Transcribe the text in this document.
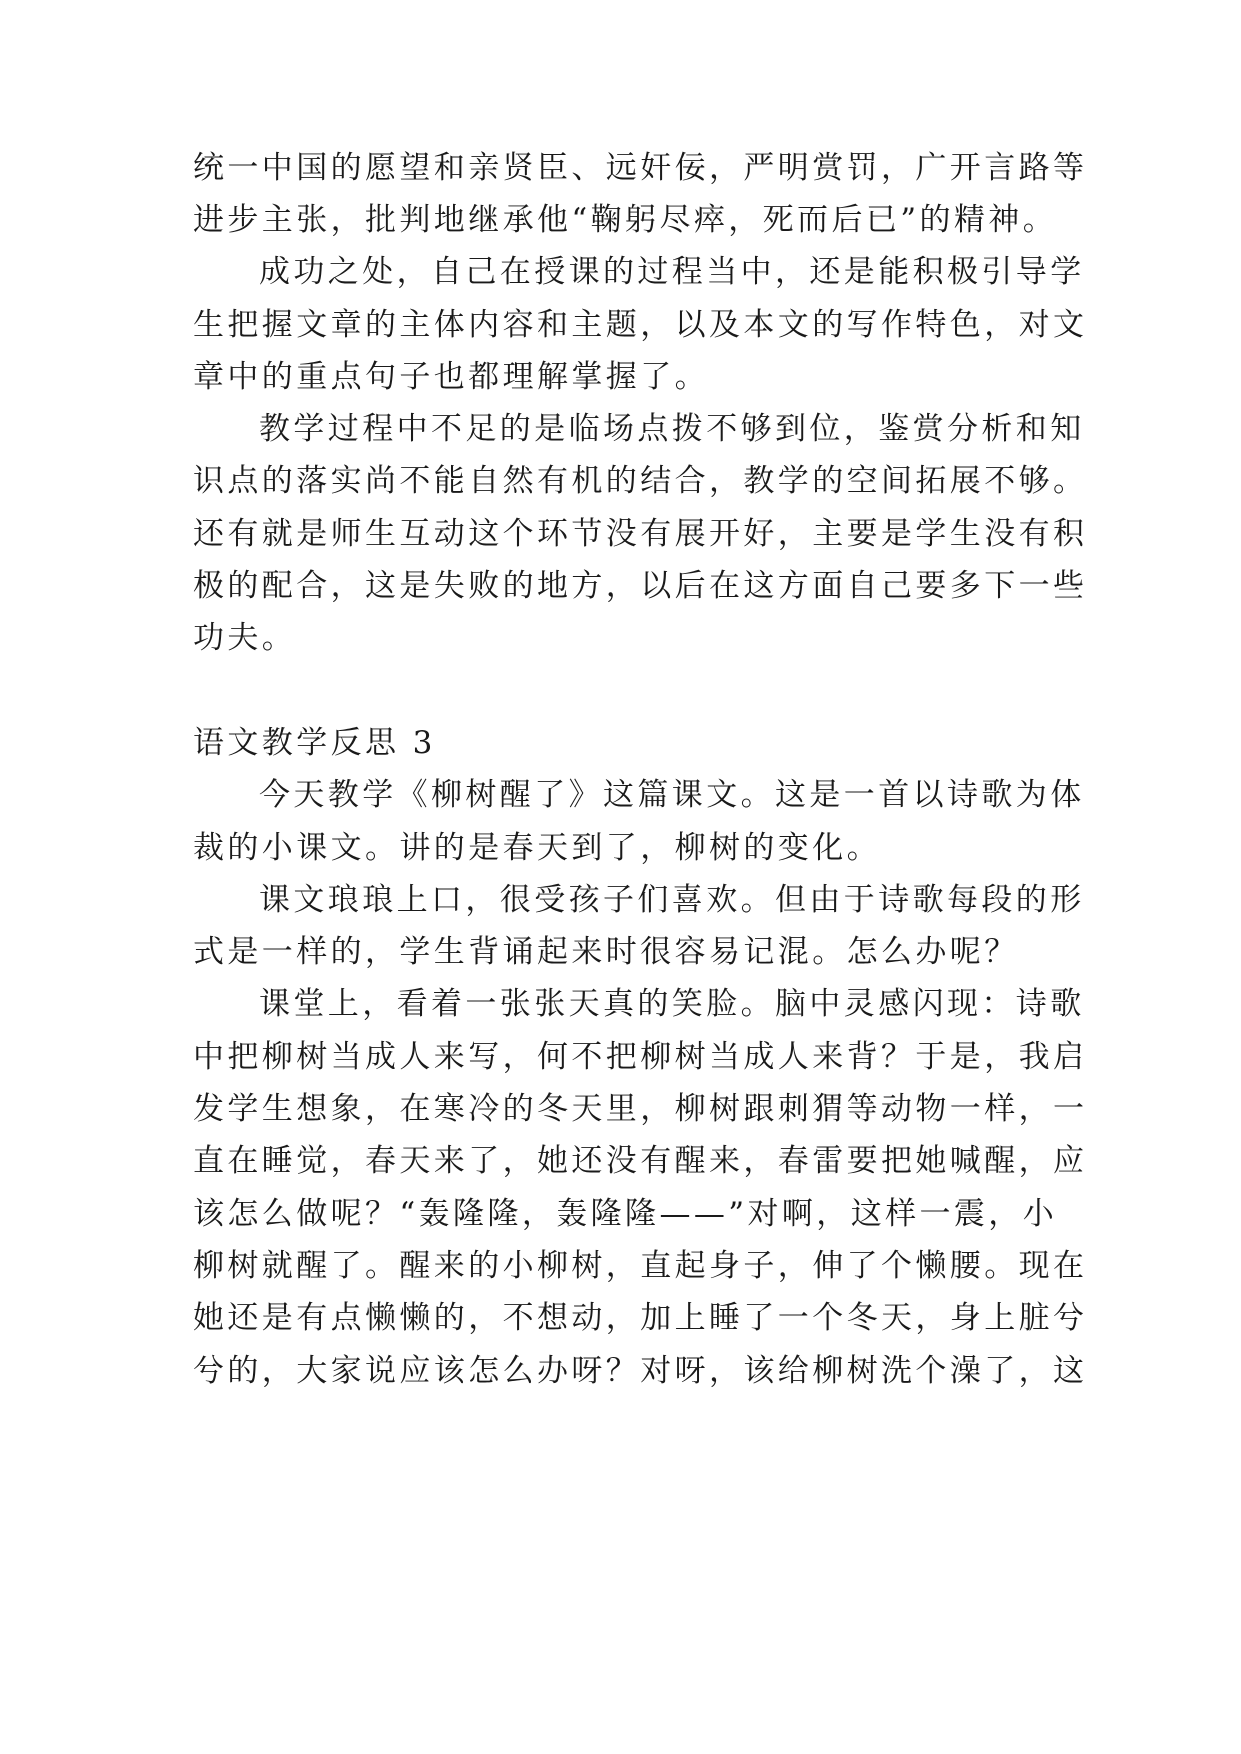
统一中国的愿望和亲贤臣、远奸佞，严明赏罚，广开言路等
进步主张，批判地继承他“鞠躬尽瘁，死而后已”的精神。
成功之处，自己在授课的过程当中，还是能积极引导学
生把握文章的主体内容和主题，以及本文的写作特色，对文
章中的重点句子也都理解掌握了。
教学过程中不足的是临场点拨不够到位，鉴赏分析和知
识点的落实尚不能自然有机的结合，教学的空间拓展不够。
还有就是师生互动这个环节没有展开好，主要是学生没有积
极的配合，这是失败的地方，以后在这方面自己要多下一些
功夫。
语文教学反思 3
今天教学《柳树醒了》这篇课文。这是一首以诗歌为体
裁的小课文。讲的是春天到了，柳树的变化。
课文琅琅上口，很受孩子们喜欢。但由于诗歌每段的形
式是一样的，学生背诵起来时很容易记混。怎么办呢？
课堂上，看着一张张天真的笑脸。脑中灵感闪现：诗歌
中把柳树当成人来写，何不把柳树当成人来背？于是，我启
发学生想象，在寒冷的冬天里，柳树跟刺猬等动物一样，一
直在睡觉，春天来了，她还没有醒来，春雷要把她喊醒，应
该怎么做呢？“轰隆隆，轰隆隆——”对啊，这样一震，小
柳树就醒了。醒来的小柳树，直起身子，伸了个懒腰。现在
她还是有点懒懒的，不想动，加上睡了一个冬天，身上脏兮
兮的，大家说应该怎么办呀？对呀，该给柳树洗个澡了，这
